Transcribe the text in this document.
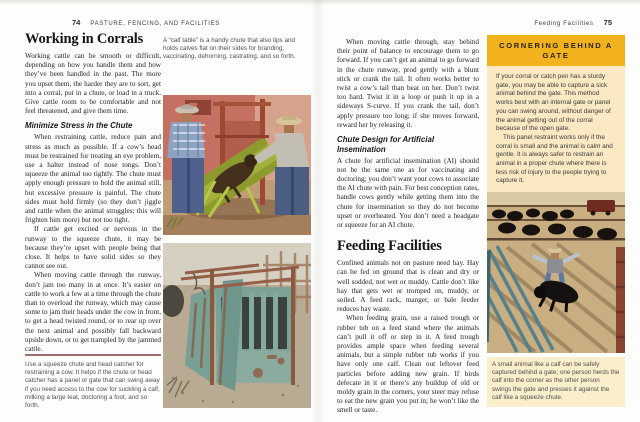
74 PASTURE, FENCING, AND FACILITIES	Feeding Facilities 75
Working in Corrals

Working cattle can be smooth or difficult, depending on how you handle them and how they’ve been handled in the past. The more you upset them, the harder they are to sort, get into a corral, put in a chute, or load in a truck. Give cattle room to be comfortable and not feel threatened, and give them time.

Minimize Stress in the Chute

When restraining cattle, reduce pain and stress as much as possible. If a cow’s head must be restrained for treating an eye problem, use a halter instead of nose tongs. Don’t squeeze the animal too tightly. The chute must apply enough pressure to hold the animal still, but excessive pressure is painful. The chute sides must hold firmly (so they don’t jiggle and rattle when the animal struggles; this will frighten him more) but not too tight.

If cattle get excited or nervous in the runway to the squeeze chute, it may be because they’re upset with people being that close. It helps to have solid sides so they cannot see out.

When moving cattle through the runway, don’t jam too many in at once. It’s easier on cattle to work a few at a time through the chute than to overload the runway, which may cause some to jam their heads under the cow in front, to get a head twisted round, or to rear up over the next animal and possibly fall backward upside down, or to get trampled by the jammed cattle.

Use a squeeze chute and head catcher for restraining a cow. It helps if the chute or head catcher has a panel or gate that can swing away if you need access to the cow for suckling a calf, milking a large teat, doctoring a foot, and so forth.

A “calf table” is a handy chute that also tips and holds calves flat on their sides for branding, vaccinating, dehorning, castrating, and so forth.

When moving cattle through, stay behind their point of balance to encourage them to go forward. If you can’t get an animal to go forward in the chute runway, prod gently with a blunt stick or crank the tail. It often works better to twist a cow’s tail than beat on her. Don’t twist too hard. Twist it in a loop or push it up in a sideways S-curve. If you crank the tail, don’t apply pressure too long; if she moves forward, reward her by releasing it.

Chute Design for Artificial Insemination

A chute for artificial insemination (AI) should not be the same one as for vaccinating and doctoring; you don’t want your cows to associate the AI chute with pain. For best conception rates, handle cows gently while getting them into the chute for insemination so they do not become upset or overheated. You don’t need a headgate or squeeze for an AI chute.

Feeding Facilities

Confined animals not on pasture need hay. Hay can be fed on ground that is clean and dry or well sodded, not wet or muddy. Cattle don’t like hay that gets wet or tromped on, muddy, or soiled. A feed rack, manger, or bale feeder reduces hay waste.

When feeding grain, use a raised trough or rubber tub on a feed stand where the animals can’t pull it off or step in it. A feed trough provides ample space when feeding several animals, but a simple rubber tub works if you have only one calf. Clean out leftover feed particles before adding new grain. If birds defecate in it or there’s any buildup of old or moldy grain in the corners, your steer may refuse to eat the new grain you put in; he won’t like the smell or taste.

CORNERING BEHIND A GATE

If your corral or catch pen has a sturdy gate, you may be able to capture a sick animal behind the gate. This method works best with an internal gate or panel you can swing around, without danger of the animal getting out of the corral because of the open gate.

This panel restraint works only if the corral is small and the animal is calm and gentle. It is always safer to restrain an animal in a proper chute where there is less risk of injury to the people trying to capture it.

A small animal like a calf can be safely captured behind a gate; one person herds the calf into the corner as the other person swings the gate and presses it against the calf like a squeeze chute.
